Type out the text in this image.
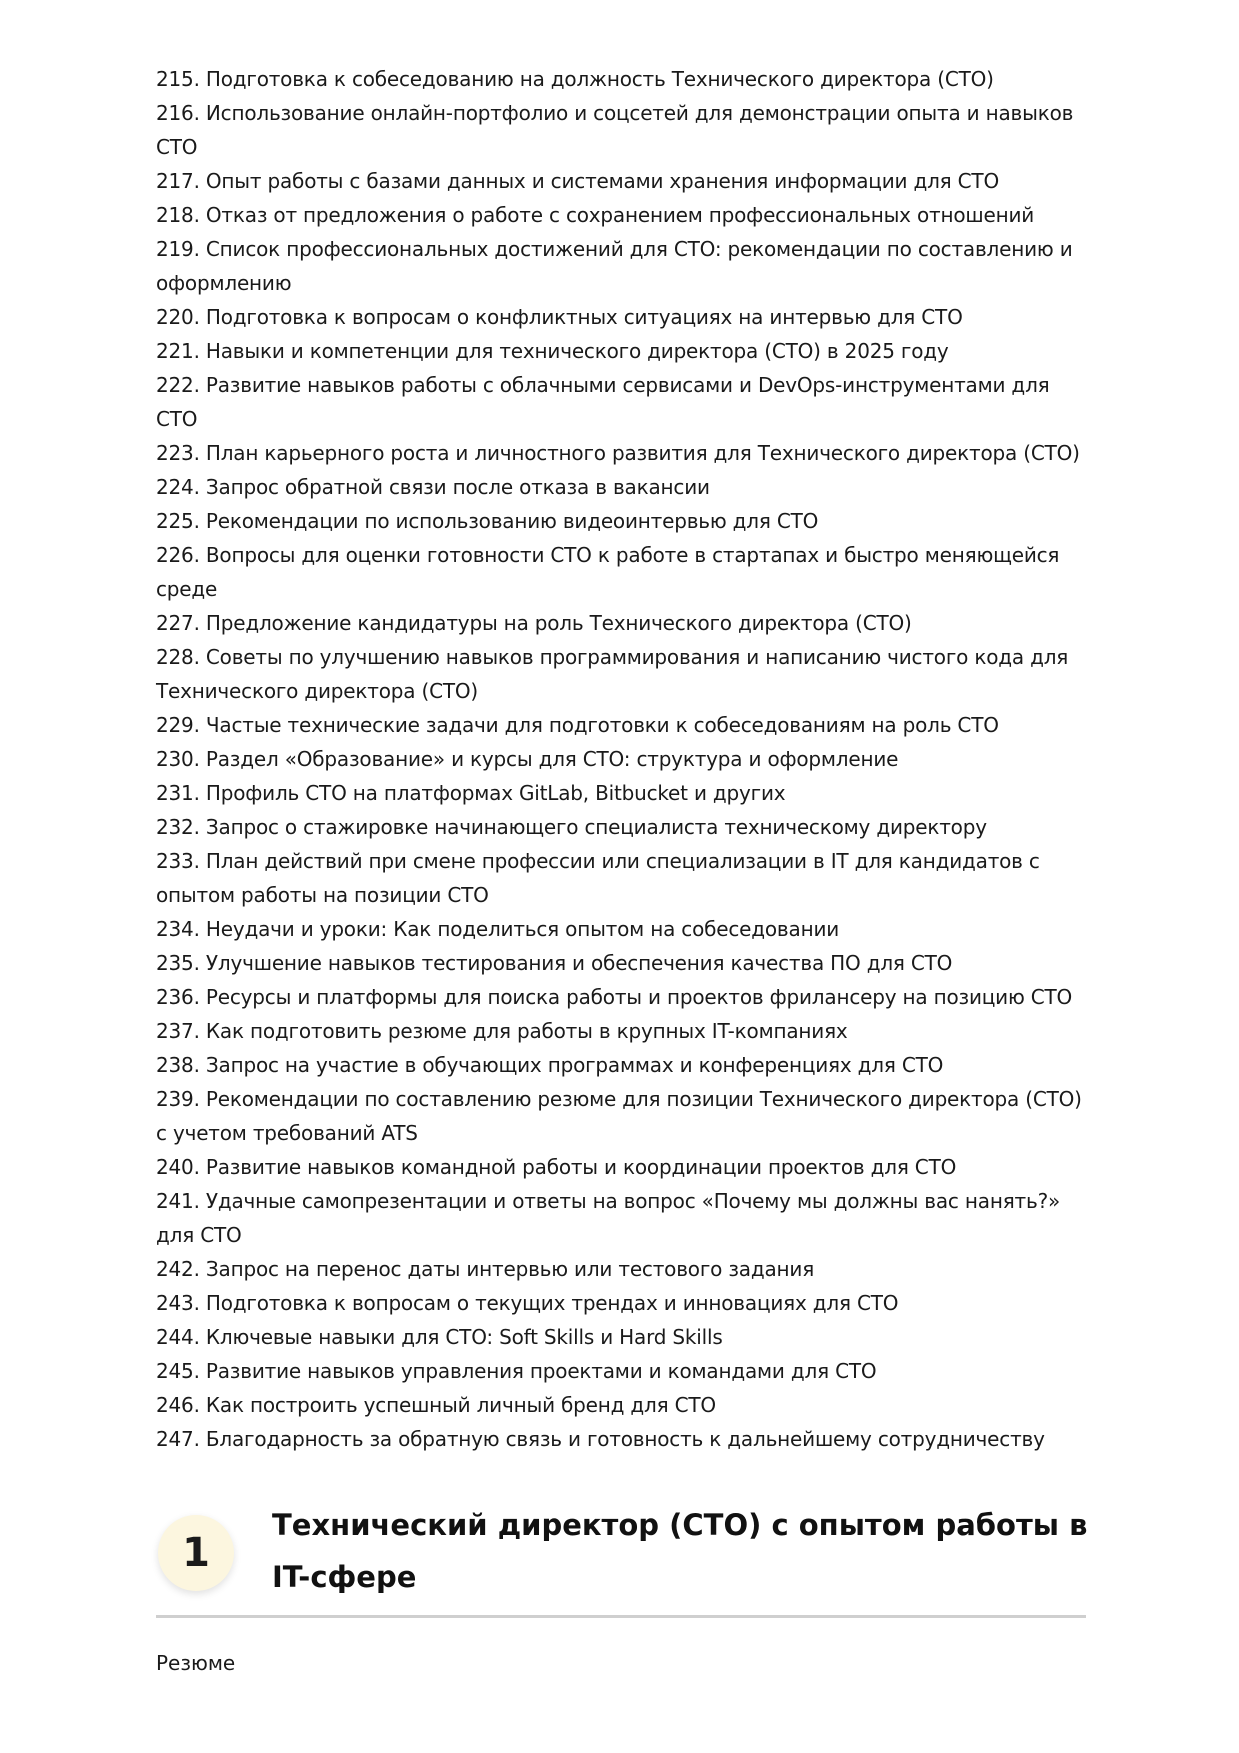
215. Подготовка к собеседованию на должность Технического директора (CTO)
216. Использование онлайн-портфолио и соцсетей для демонстрации опыта и навыков CTO
217. Опыт работы с базами данных и системами хранения информации для CTO
218. Отказ от предложения о работе с сохранением профессиональных отношений
219. Список профессиональных достижений для CTO: рекомендации по составлению и оформлению
220. Подготовка к вопросам о конфликтных ситуациях на интервью для CTO
221. Навыки и компетенции для технического директора (CTO) в 2025 году
222. Развитие навыков работы с облачными сервисами и DevOps-инструментами для CTO
223. План карьерного роста и личностного развития для Технического директора (CTO)
224. Запрос обратной связи после отказа в вакансии
225. Рекомендации по использованию видеоинтервью для CTO
226. Вопросы для оценки готовности CTO к работе в стартапах и быстро меняющейся среде
227. Предложение кандидатуры на роль Технического директора (CTO)
228. Советы по улучшению навыков программирования и написанию чистого кода для Технического директора (CTO)
229. Частые технические задачи для подготовки к собеседованиям на роль CTO
230. Раздел «Образование» и курсы для CTO: структура и оформление
231. Профиль CTO на платформах GitLab, Bitbucket и других
232. Запрос о стажировке начинающего специалиста техническому директору
233. План действий при смене профессии или специализации в IT для кандидатов с опытом работы на позиции CTO
234. Неудачи и уроки: Как поделиться опытом на собеседовании
235. Улучшение навыков тестирования и обеспечения качества ПО для CTO
236. Ресурсы и платформы для поиска работы и проектов фрилансеру на позицию CTO
237. Как подготовить резюме для работы в крупных IT-компаниях
238. Запрос на участие в обучающих программах и конференциях для CTO
239. Рекомендации по составлению резюме для позиции Технического директора (CTO) с учетом требований ATS
240. Развитие навыков командной работы и координации проектов для CTO
241. Удачные самопрезентации и ответы на вопрос «Почему мы должны вас нанять?» для CTO
242. Запрос на перенос даты интервью или тестового задания
243. Подготовка к вопросам о текущих трендах и инновациях для CTO
244. Ключевые навыки для CTO: Soft Skills и Hard Skills
245. Развитие навыков управления проектами и командами для CTO
246. Как построить успешный личный бренд для CTO
247. Благодарность за обратную связь и готовность к дальнейшему сотрудничеству
1
Технический директор (CTO) с опытом работы в IT-сфере

Резюме
